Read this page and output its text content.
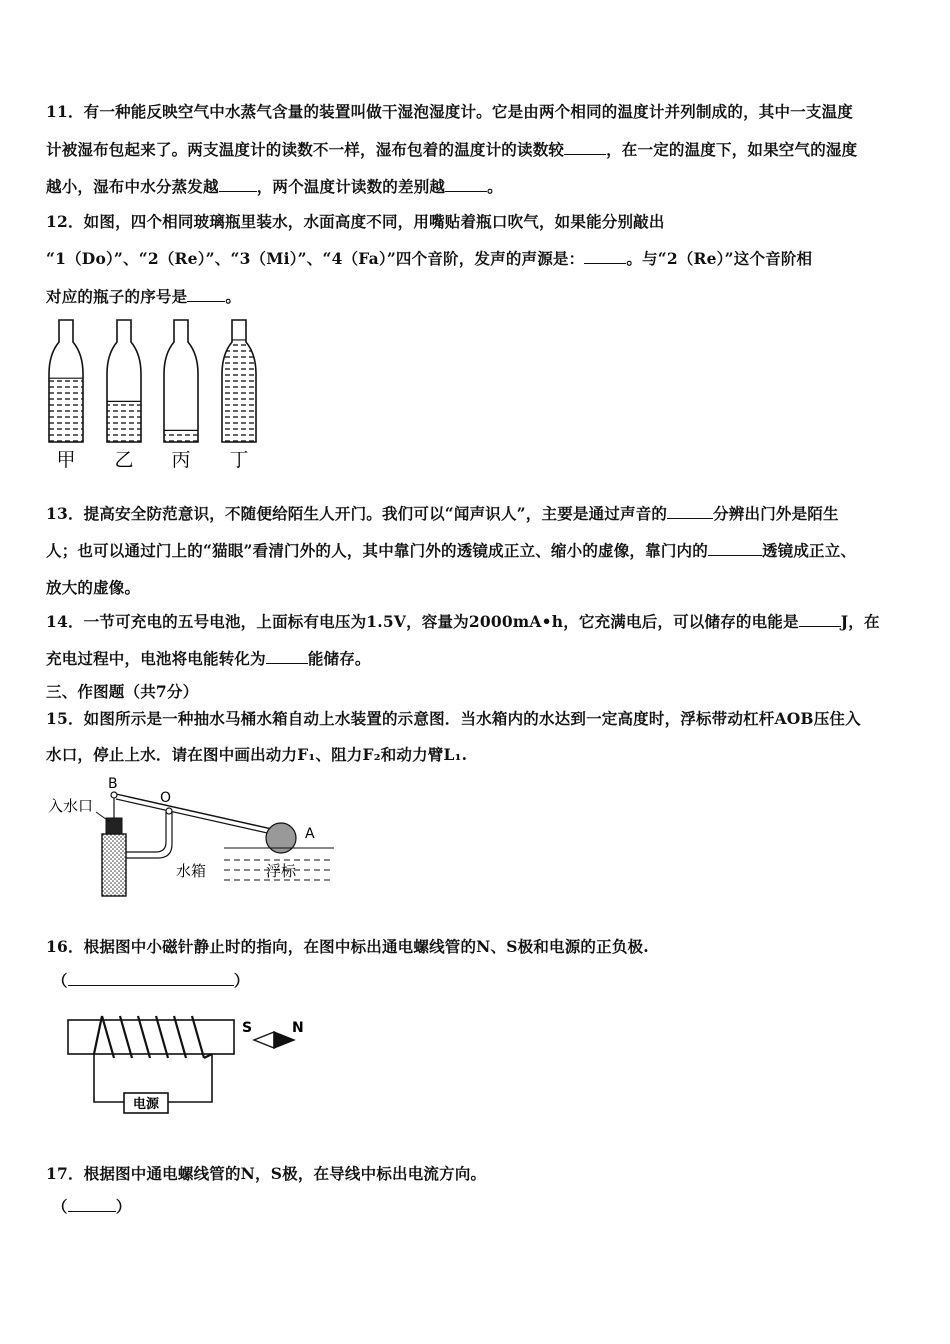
11．有一种能反映空气中水蒸气含量的装置叫做干湿泡湿度计。它是由两个相同的温度计并列制成的，其中一支温度
计被湿布包起来了。两支温度计的读数不一样，湿布包着的温度计的读数较	，在一定的温度下，如果空气的湿度
越小，湿布中水分蒸发越 ，两个温度计读数的差别越	。
12．如图，四个相同玻璃瓶里装水，水面高度不同，用嘴贴着瓶口吹气，如果能分别敲出
“1（Do）”、“2（Re）”、“3（Mi）”、“4（Fa）”四个音阶，发声的声源是：	。与“2（Re）”这个音阶相
对应的瓶子的序号是 。
甲 乙 丙 丁
13．提高安全防范意识，不随便给陌生人开门。我们可以“闻声识人”，主要是通过声音的	分辨出门外是陌生
人；也可以通过门上的“猫眼”看清门外的人，其中靠门外的透镜成正立、缩小的虚像，靠门内的	透镜成正立、
放大的虚像。
14．一节可充电的五号电池，上面标有电压为1.5V，容量为2000mA•h，它充满电后，可以储存的电能是	J，在
充电过程中，电池将电能转化为	能储存。
三、作图题（共7分）
15．如图所示是一种抽水马桶水箱自动上水装置的示意图．当水箱内的水达到一定高度时，浮标带动杠杆AOB压住入
水口，停止上水．请在图中画出动力F₁、阻力F₂和动力臂L₁.
入水口
B
O
A
水箱	浮标
16．根据图中小磁针静止时的指向，在图中标出通电螺线管的N、S极和电源的正负极.
（	）
电源
S	N
17．根据图中通电螺线管的N，S极，在导线中标出电流方向。
（	）
